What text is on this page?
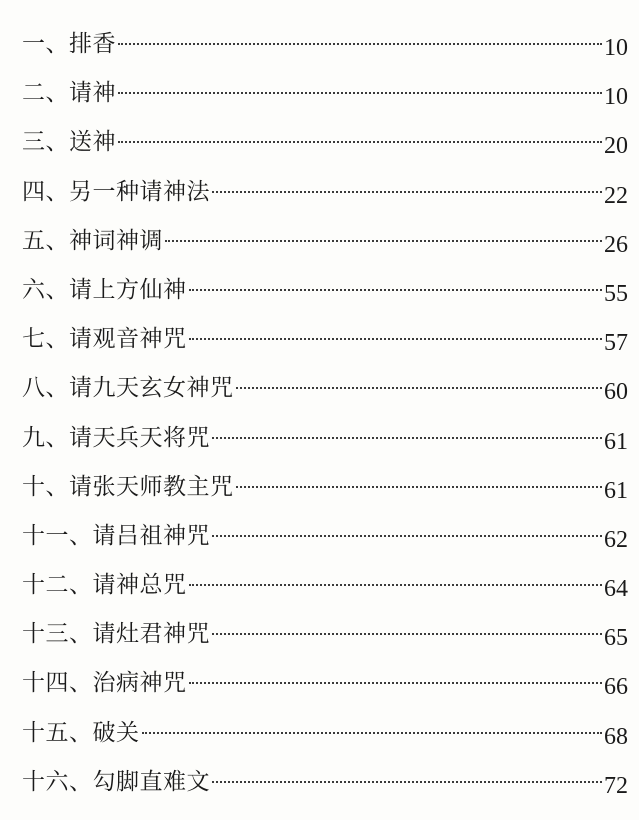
一、排香	10
二、请神	10
三、送神	20
四、另一种请神法	22
五、神词神调	26
六、请上方仙神	55
七、请观音神咒	57
八、请九天玄女神咒	60
九、请天兵天将咒	61
十、请张天师教主咒	61
十一、请吕祖神咒	62
十二、请神总咒	64
十三、请灶君神咒	65
十四、治病神咒	66
十五、破关	68
十六、勾脚直难文	72
